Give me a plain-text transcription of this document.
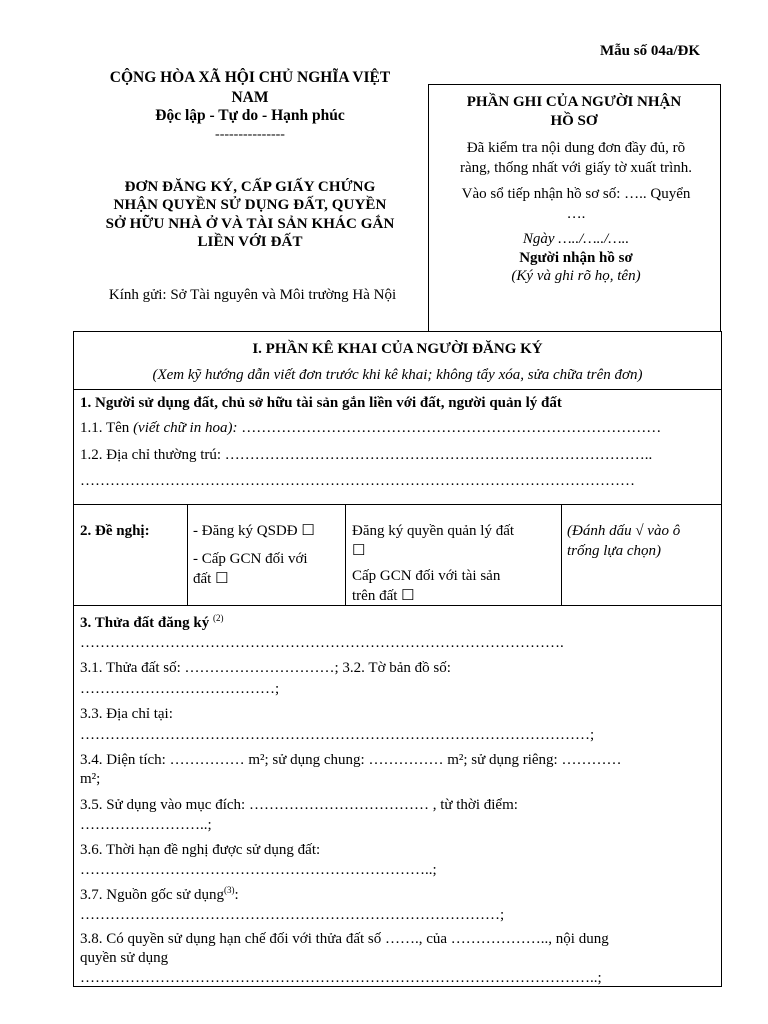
Mẫu số 04a/ĐK
CỘNG HÒA XÃ HỘI CHỦ NGHĨA VIỆT
NAM
Độc lập - Tự do - Hạnh phúc
---------------
ĐƠN ĐĂNG KÝ, CẤP GIẤY CHỨNG
NHẬN QUYỀN SỬ DỤNG ĐẤT, QUYỀN
SỞ HỮU NHÀ Ở VÀ TÀI SẢN KHÁC GẮN
LIỀN VỚI ĐẤT
Kính gửi: Sở Tài nguyên và Môi trường Hà Nội
PHẦN GHI CỦA NGƯỜI NHẬN
HỒ SƠ
Đã kiểm tra nội dung đơn đầy đủ, rõ
ràng, thống nhất với giấy tờ xuất trình.
Vào sổ tiếp nhận hồ sơ số: ….. Quyển
….
Ngày …../…../…..
Người nhận hồ sơ
(Ký và ghi rõ họ, tên)
I. PHẦN KÊ KHAI CỦA NGƯỜI ĐĂNG KÝ
(Xem kỹ hướng dẫn viết đơn trước khi kê khai; không tẩy xóa, sửa chữa trên đơn)
1. Người sử dụng đất, chủ sở hữu tài sản gắn liền với đất, người quản lý đất
1.1. Tên (viết chữ in hoa): …………………………………………………………………………
1.2. Địa chỉ thường trú: …………………………………………………………………………..
…………………………………………………………………………………………………
2. Đề nghị:	- Đăng ký QSDĐ ☐
- Cấp GCN đối với
đất ☐
Đăng ký quyền quản lý đất
☐
Cấp GCN đối với tài sản
trên đất ☐
(Đánh dấu √ vào ô
trống lựa chọn)
3. Thửa đất đăng ký $^{(2)}$
…………………………………………………………………………………….
3.1. Thửa đất số: …………………………; 3.2. Tờ bản đồ số:
…………………………………;
3.3. Địa chỉ tại:
…………………………………………………………………………………………;
3.4. Diện tích: …………… m²; sử dụng chung: …………… m²; sử dụng riêng: …………
m²;
3.5. Sử dụng vào mục đích: ……………………………… , từ thời điểm:
……………………..;
3.6. Thời hạn đề nghị được sử dụng đất:
……………………………………………………………..;
3.7. Nguồn gốc sử dụng$^{(3)}$:
…………………………………………………………………………;
3.8. Có quyền sử dụng hạn chế đối với thửa đất số ……., của ……………….., nội dung
quyền sử dụng
…………………………………………………………………………………………..;
